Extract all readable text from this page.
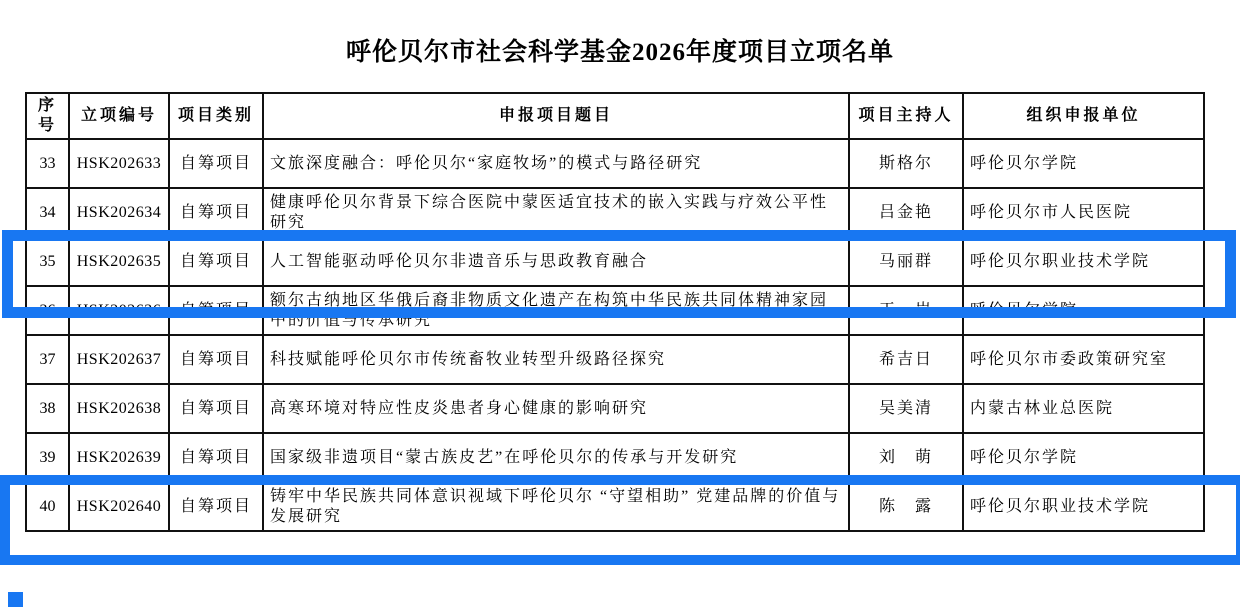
呼伦贝尔市社会科学基金2026年度项目立项名单
序号	立项编号	项目类别	申报项目题目	项目主持人	组织申报单位
33	HSK202633	自筹项目	文旅深度融合：呼伦贝尔“家庭牧场”的模式与路径研究	斯格尔	呼伦贝尔学院
34	HSK202634	自筹项目	健康呼伦贝尔背景下综合医院中蒙医适宜技术的嵌入实践与疗效公平性研究	吕金艳	呼伦贝尔市人民医院
35	HSK202635	自筹项目	人工智能驱动呼伦贝尔非遗音乐与思政教育融合	马丽群	呼伦贝尔职业技术学院
36	HSK202636	自筹项目	额尔古纳地区华俄后裔非物质文化遗产在构筑中华民族共同体精神家园中的价值与传承研究	王　岩	呼伦贝尔学院
37	HSK202637	自筹项目	科技赋能呼伦贝尔市传统畜牧业转型升级路径探究	希吉日	呼伦贝尔市委政策研究室
38	HSK202638	自筹项目	高寒环境对特应性皮炎患者身心健康的影响研究	吴美清	内蒙古林业总医院
39	HSK202639	自筹项目	国家级非遗项目“蒙古族皮艺”在呼伦贝尔的传承与开发研究	刘　萌	呼伦贝尔学院
40	HSK202640	自筹项目	铸牢中华民族共同体意识视域下呼伦贝尔 “守望相助” 党建品牌的价值与发展研究	陈　露	呼伦贝尔职业技术学院
